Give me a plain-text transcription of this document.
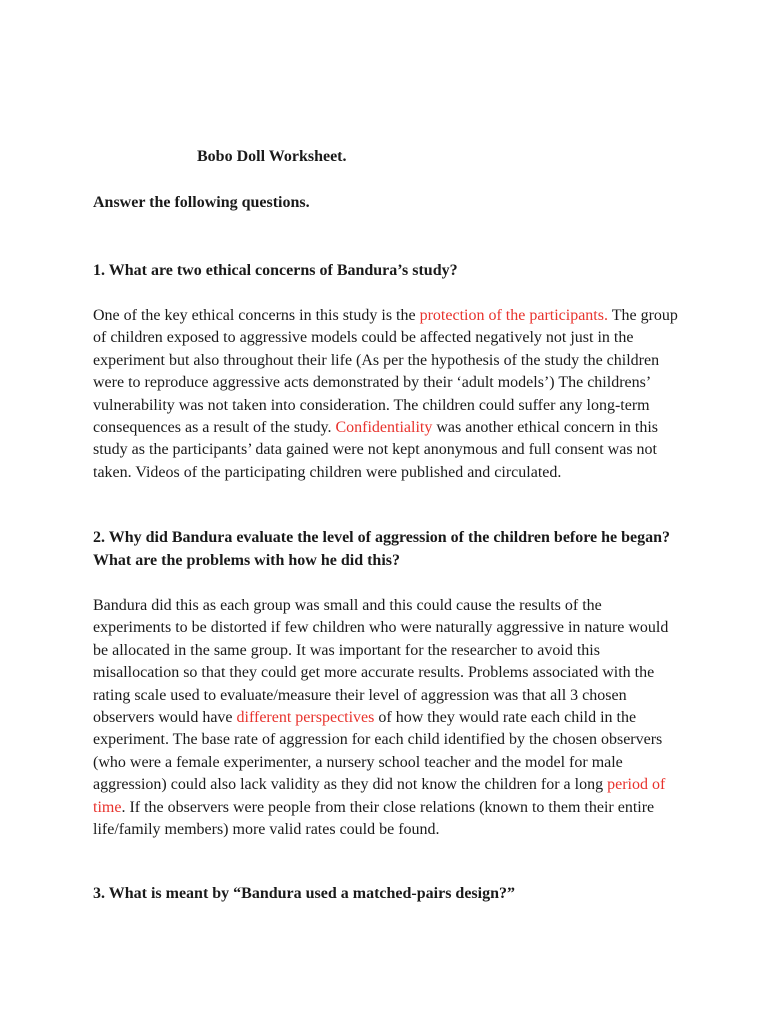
Bobo Doll Worksheet.

Answer the following questions.

1. What are two ethical concerns of Bandura’s study?

One of the key ethical concerns in this study is the protection of the participants. The group of children exposed to aggressive models could be affected negatively not just in the experiment but also throughout their life (As per the hypothesis of the study the children were to reproduce aggressive acts demonstrated by their ‘adult models’) The childrens’ vulnerability was not taken into consideration. The children could suffer any long-term consequences as a result of the study. Confidentiality was another ethical concern in this study as the participants’ data gained were not kept anonymous and full consent was not taken. Videos of the participating children were published and circulated.

2. Why did Bandura evaluate the level of aggression of the children before he began? What are the problems with how he did this?

Bandura did this as each group was small and this could cause the results of the experiments to be distorted if few children who were naturally aggressive in nature would be allocated in the same group. It was important for the researcher to avoid this misallocation so that they could get more accurate results. Problems associated with the rating scale used to evaluate/measure their level of aggression was that all 3 chosen observers would have different perspectives of how they would rate each child in the experiment. The base rate of aggression for each child identified by the chosen observers (who were a female experimenter, a nursery school teacher and the model for male aggression) could also lack validity as they did not know the children for a long period of time. If the observers were people from their close relations (known to them their entire life/family members) more valid rates could be found.

3. What is meant by “Bandura used a matched-pairs design?”
